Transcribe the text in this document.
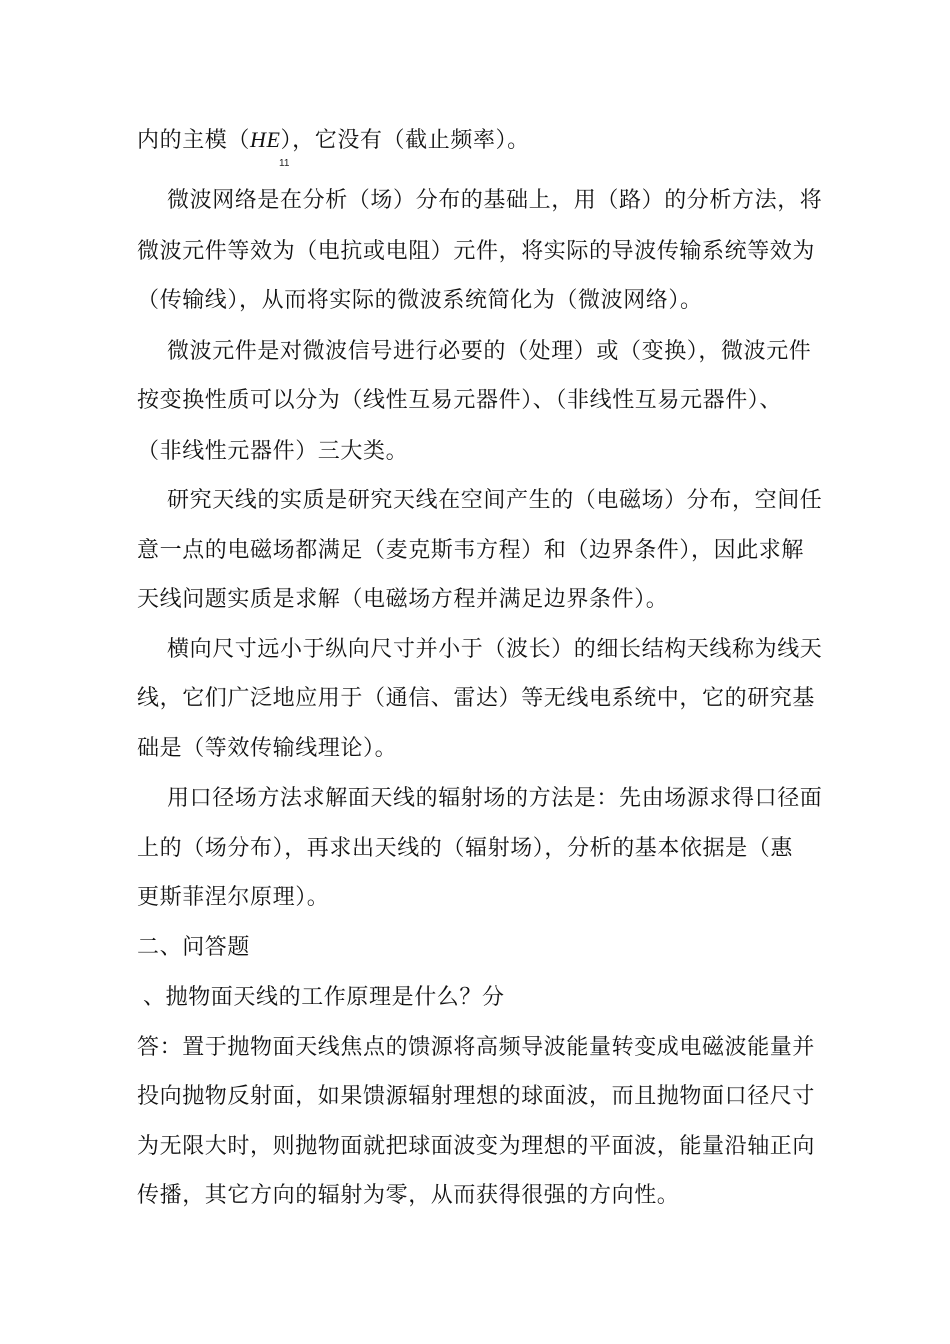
内的主模（HE），它没有（截止频率）。
11
微波网络是在分析（场）分布的基础上，用（路）的分析方法，将
微波元件等效为（电抗或电阻）元件，将实际的导波传输系统等效为
（传输线），从而将实际的微波系统简化为（微波网络）。
微波元件是对微波信号进行必要的（处理）或（变换），微波元件
按变换性质可以分为（线性互易元器件）、（非线性互易元器件）、
（非线性元器件）三大类。
研究天线的实质是研究天线在空间产生的（电磁场）分布，空间任
意一点的电磁场都满足（麦克斯韦方程）和（边界条件），因此求解
天线问题实质是求解（电磁场方程并满足边界条件）。
横向尺寸远小于纵向尺寸并小于（波长）的细长结构天线称为线天
线，它们广泛地应用于（通信、雷达）等无线电系统中，它的研究基
础是（等效传输线理论）。
用口径场方法求解面天线的辐射场的方法是：先由场源求得口径面
上的（场分布），再求出天线的（辐射场），分析的基本依据是（惠
更斯菲涅尔原理）。
二、问答题
、抛物面天线的工作原理是什么？分
答：置于抛物面天线焦点的馈源将高频导波能量转变成电磁波能量并
投向抛物反射面，如果馈源辐射理想的球面波，而且抛物面口径尺寸
为无限大时，则抛物面就把球面波变为理想的平面波，能量沿轴正向
传播，其它方向的辐射为零，从而获得很强的方向性。
